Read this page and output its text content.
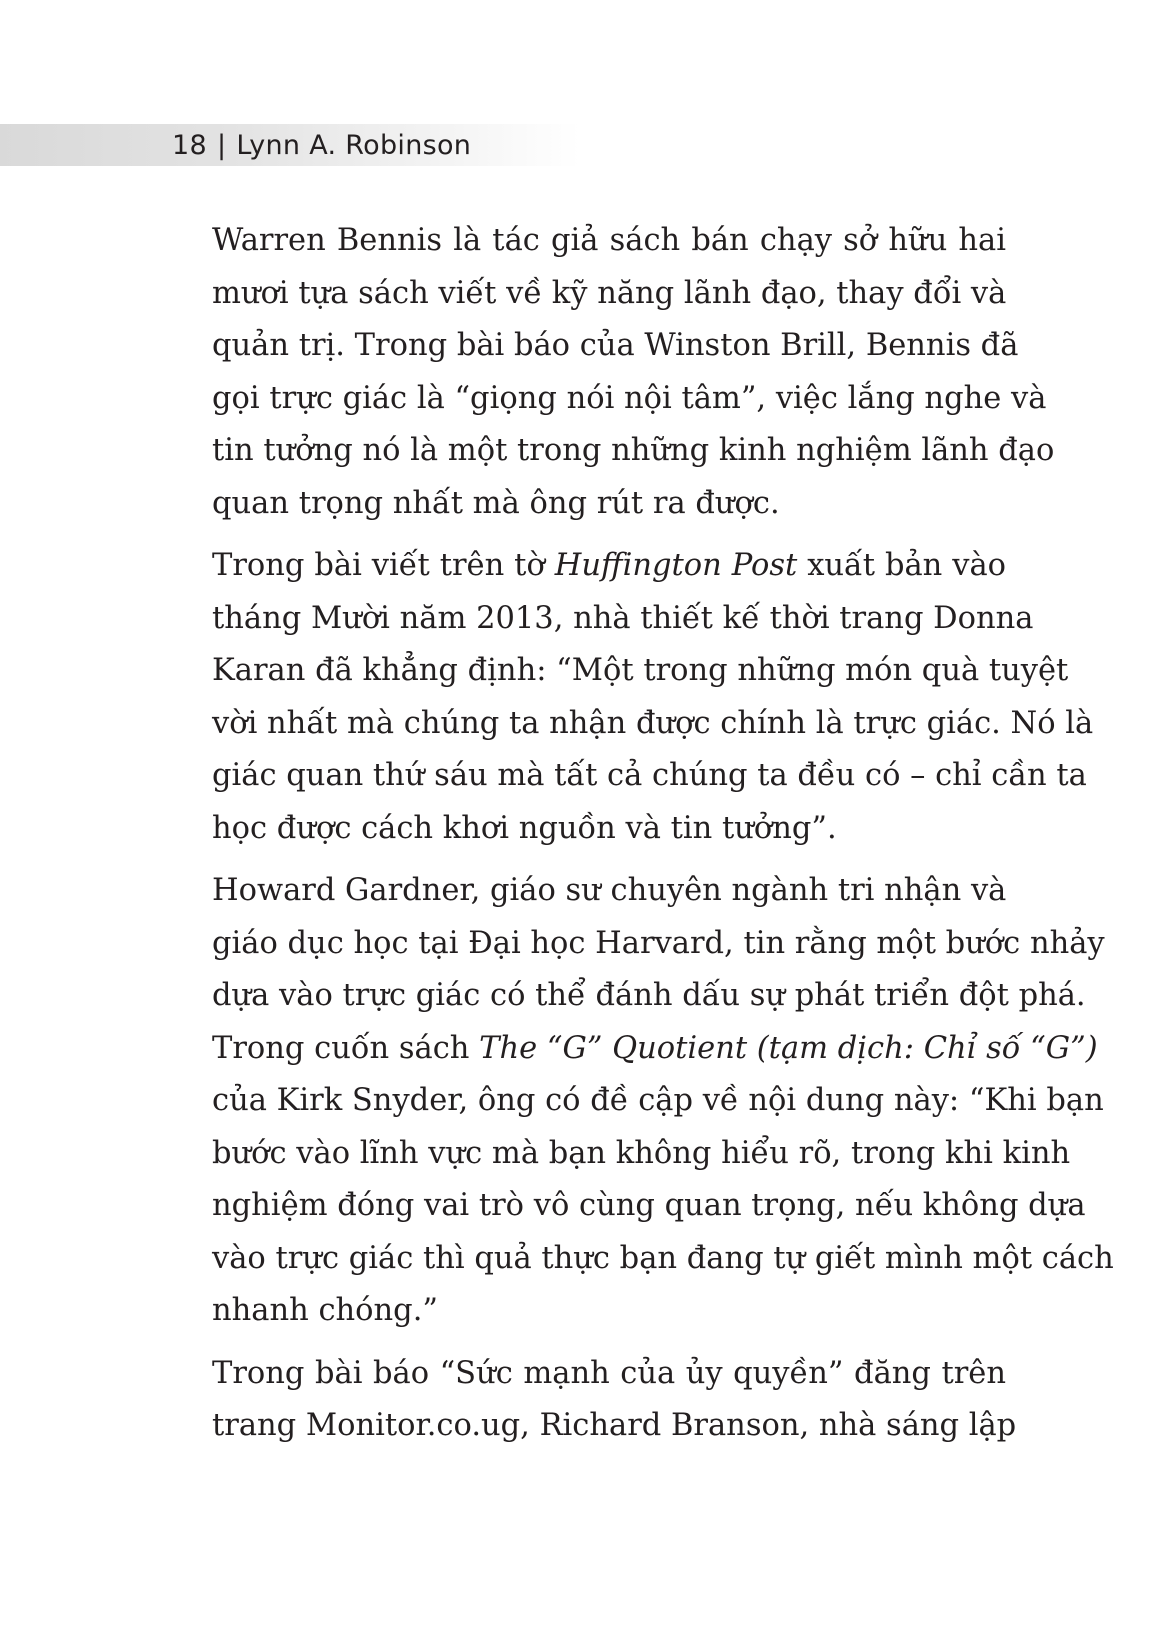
18 | Lynn A. Robinson
Warren Bennis là tác giả sách bán chạy sở hữu hai
mươi tựa sách viết về kỹ năng lãnh đạo, thay đổi và
quản trị. Trong bài báo của Winston Brill, Bennis đã
gọi trực giác là “giọng nói nội tâm”, việc lắng nghe và
tin tưởng nó là một trong những kinh nghiệm lãnh đạo
quan trọng nhất mà ông rút ra được.
Trong bài viết trên tờ Huffington Post xuất bản vào
tháng Mười năm 2013, nhà thiết kế thời trang Donna
Karan đã khẳng định: “Một trong những món quà tuyệt
vời nhất mà chúng ta nhận được chính là trực giác. Nó là
giác quan thứ sáu mà tất cả chúng ta đều có – chỉ cần ta
học được cách khơi nguồn và tin tưởng”.
Howard Gardner, giáo sư chuyên ngành tri nhận và
giáo dục học tại Đại học Harvard, tin rằng một bước nhảy
dựa vào trực giác có thể đánh dấu sự phát triển đột phá.
Trong cuốn sách The “G” Quotient (tạm dịch: Chỉ số “G”)
của Kirk Snyder, ông có đề cập về nội dung này: “Khi bạn
bước vào lĩnh vực mà bạn không hiểu rõ, trong khi kinh
nghiệm đóng vai trò vô cùng quan trọng, nếu không dựa
vào trực giác thì quả thực bạn đang tự giết mình một cách
nhanh chóng.”
Trong bài báo “Sức mạnh của ủy quyền” đăng trên
trang Monitor.co.ug, Richard Branson, nhà sáng lập
